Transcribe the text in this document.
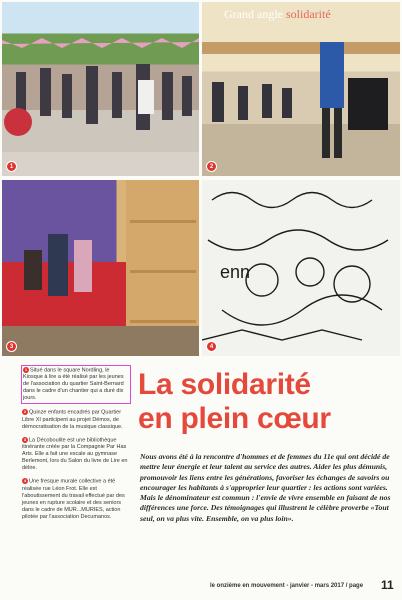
1
Grand angle solidarité
2
3
enn
4

1 Situé dans le square Nordling, le Kiosque à lire a été réalisé par les jeunes de l'association du quartier Saint-Bernard dans le cadre d'un chantier qui a duré dix jours.

2 Quinze enfants encadrés par Quartier Libre XI participent au projet Démos, de démocratisation de la musique classique.

3 La Décoboulite est une bibliothèque itinérante créée par la Compagnie Par Has Arts. Elle a fait une escale au gymnase Berlemont, lors du Salon du livre de Lire en délire.

4 Une fresque murale collective a été réalisée rue Léon Frot. Elle est l'aboutissement du travail effectué par des jeunes en rupture scolaire et des seniors dans le cadre de MUR...MURIES, action pilotée par l'association Decumanos.

La solidarité
en plein cœur
Nous avons été à la rencontre d'hommes et de femmes du 11e qui ont décidé de mettre leur énergie et leur talent au service des autres. Aider les plus démunis, promouvoir les liens entre les générations, favoriser les échanges de savoirs ou encourager les habitants à s'approprier leur quartier : les actions sont variées. Mais le dénominateur est commun : l'envie de vivre ensemble en faisant de nos différences une force. Des témoignages qui illustrent le célèbre proverbe «Tout seul, on va plus vite. Ensemble, on va plus loin».
le onzième en mouvement - janvier - mars 2017 / page 11
